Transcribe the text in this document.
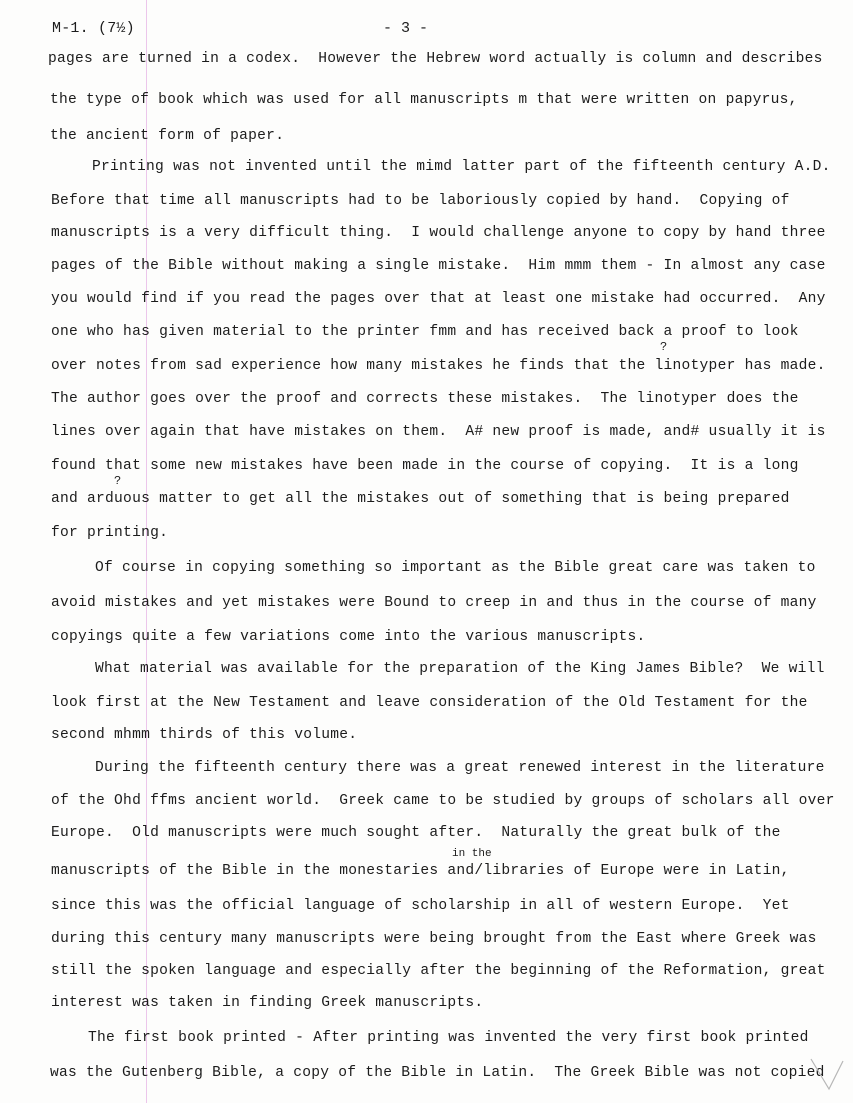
M-1. (7½)	- 3 -
pages are turned in a codex.  However the Hebrew word actually is column and describes
the type of book which was used for all manuscripts m that were written on papyrus,
the ancient form of paper.
Printing was not invented until the mimd latter part of the fifteenth century A.D.
Before that time all manuscripts had to be laboriously copied by hand.  Copying of
manuscripts is a very difficult thing.  I would challenge anyone to copy by hand three
pages of the Bible without making a single mistake.  Him mmm them - In almost any case
you would find if you read the pages over that at least one mistake had occurred.  Any
one who has given material to the printer fmm and has received back a proof to look
?
over notes from sad experience how many mistakes he finds that the linotyper has made.
The author goes over the proof and corrects these mistakes.  The linotyper does the
lines over again that have mistakes on them.  A# new proof is made, and# usually it is
found that some new mistakes have been made in the course of copying.  It is a long
?
and arduous matter to get all the mistakes out of something that is being prepared
for printing.
Of course in copying something so important as the Bible great care was taken to
avoid mistakes and yet mistakes were Bound to creep in and thus in the course of many
copyings quite a few variations come into the various manuscripts.
What material was available for the preparation of the King James Bible?  We will
look first at the New Testament and leave consideration of the Old Testament for the
second mhmm thirds of this volume.
During the fifteenth century there was a great renewed interest in the literature
of the Ohd ffms ancient world.  Greek came to be studied by groups of scholars all over
Europe.  Old manuscripts were much sought after.  Naturally the great bulk of the
in the
manuscripts of the Bible in the monestaries and/libraries of Europe were in Latin,
since this was the official language of scholarship in all of western Europe.  Yet
during this century many manuscripts were being brought from the East where Greek was
still the spoken language and especially after the beginning of the Reformation, great
interest was taken in finding Greek manuscripts.
The first book printed - After printing was invented the very first book printed
was the Gutenberg Bible, a copy of the Bible in Latin.  The Greek Bible was not copied
